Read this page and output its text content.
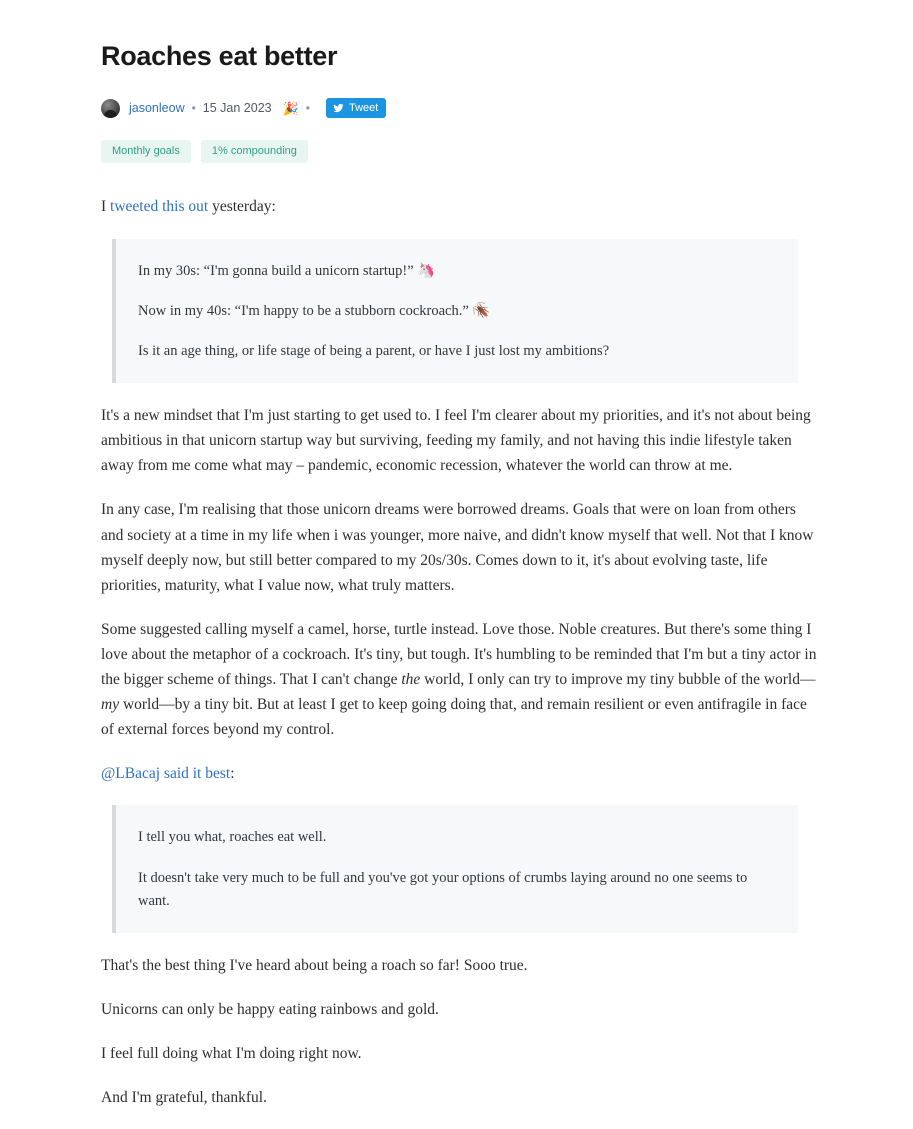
Roaches eat better
jasonleow • 15 Jan 2023 🎉 •	Tweet
Monthly goals	1% compounding

I tweeted this out yesterday:

In my 30s: “I'm gonna build a unicorn startup!” 🦄

Now in my 40s: “I'm happy to be a stubborn cockroach.” 🪳

Is it an age thing, or life stage of being a parent, or have I just lost my ambitions?

It's a new mindset that I'm just starting to get used to. I feel I'm clearer about my priorities, and it's not about being ambitious in that unicorn startup way but surviving, feeding my family, and not having this indie lifestyle taken away from me come what may – pandemic, economic recession, whatever the world can throw at me.

In any case, I'm realising that those unicorn dreams were borrowed dreams. Goals that were on loan from others and society at a time in my life when i was younger, more naive, and didn't know myself that well. Not that I know myself deeply now, but still better compared to my 20s/30s. Comes down to it, it's about evolving taste, life priorities, maturity, what I value now, what truly matters.

Some suggested calling myself a camel, horse, turtle instead. Love those. Noble creatures. But there's some thing I love about the metaphor of a cockroach. It's tiny, but tough. It's humbling to be reminded that I'm but a tiny actor in the bigger scheme of things. That I can't change the world, I only can try to improve my tiny bubble of the world—my world—by a tiny bit. But at least I get to keep going doing that, and remain resilient or even antifragile in face of external forces beyond my control.

@LBacaj said it best:

I tell you what, roaches eat well.

It doesn't take very much to be full and you've got your options of crumbs laying around no one seems to want.

That's the best thing I've heard about being a roach so far! Sooo true.

Unicorns can only be happy eating rainbows and gold.

I feel full doing what I'm doing right now.

And I'm grateful, thankful.
